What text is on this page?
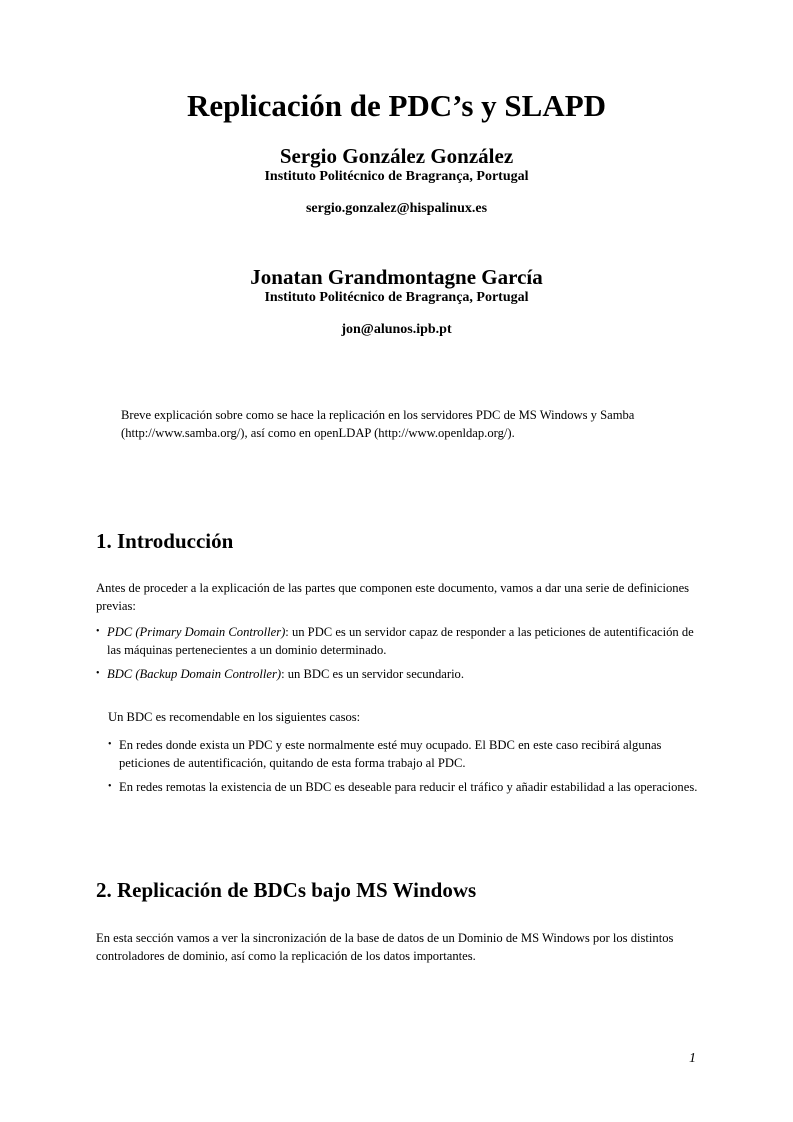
Replicación de PDC’s y SLAPD

Sergio González González

Instituto Politécnico de Bragrança, Portugal

sergio.gonzalez@hispalinux.es

Jonatan Grandmontagne García

Instituto Politécnico de Bragrança, Portugal

jon@alunos.ipb.pt

Breve explicación sobre como se hace la replicación en los servidores PDC de MS Windows y Samba (http://www.samba.org/), así como en openLDAP (http://www.openldap.org/).

1. Introducción

Antes de proceder a la explicación de las partes que componen este documento, vamos a dar una serie de definiciones previas:

• PDC (Primary Domain Controller): un PDC es un servidor capaz de responder a las peticiones de autentificación de las máquinas pertenecientes a un dominio determinado.
• BDC (Backup Domain Controller): un BDC es un servidor secundario.

Un BDC es recomendable en los siguientes casos:

• En redes donde exista un PDC y este normalmente esté muy ocupado. El BDC en este caso recibirá algunas peticiones de autentificación, quitando de esta forma trabajo al PDC.
• En redes remotas la existencia de un BDC es deseable para reducir el tráfico y añadir estabilidad a las operaciones.
2. Replicación de BDCs bajo MS Windows

En esta sección vamos a ver la sincronización de la base de datos de un Dominio de MS Windows por los distintos controladores de dominio, así como la replicación de los datos importantes.

1
